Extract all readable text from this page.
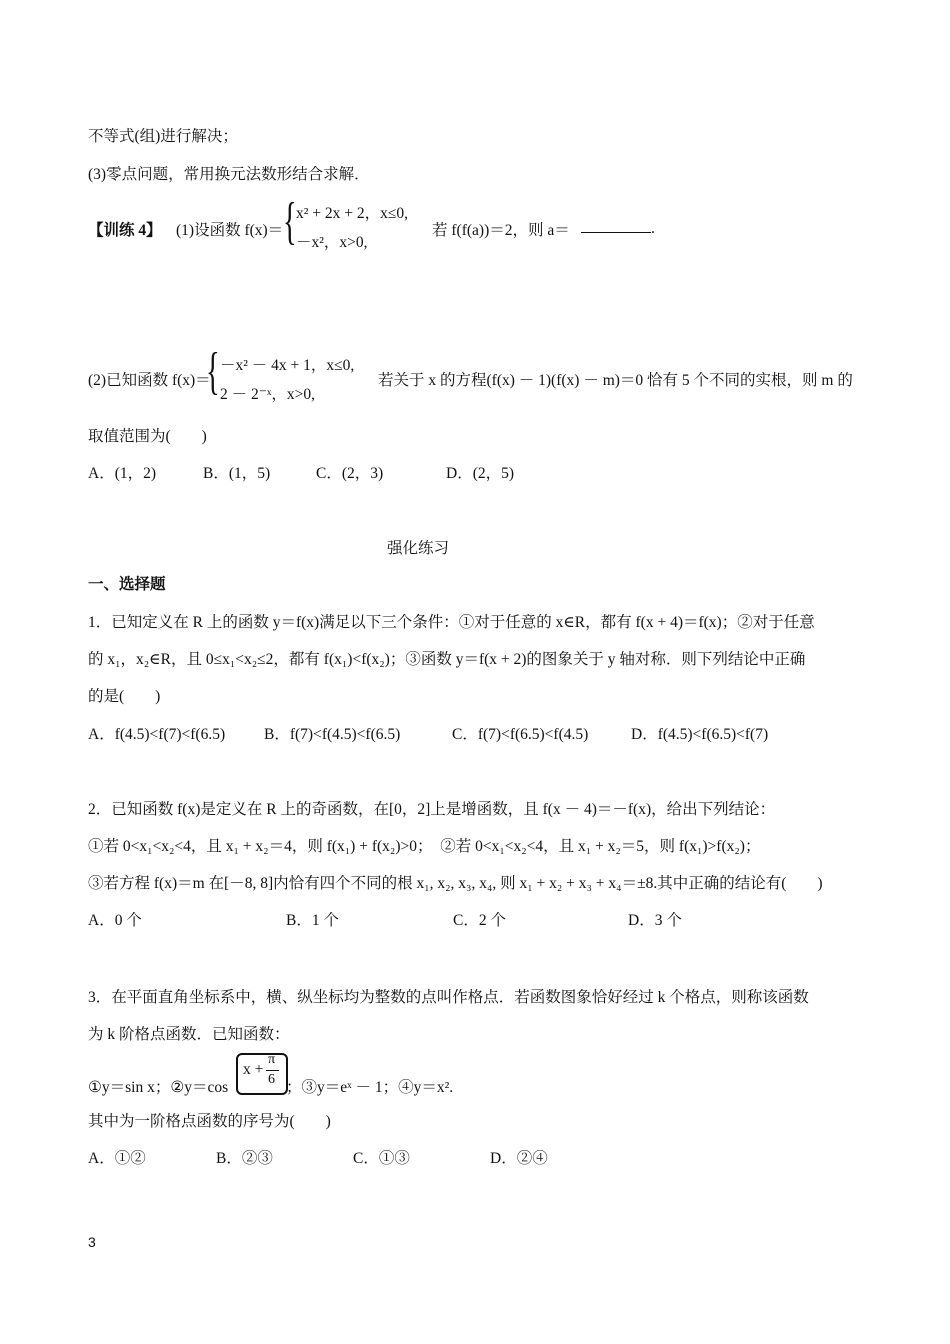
不等式(组)进行解决；
(3)零点问题，常用换元法数形结合求解．
【训练 4】 (1)设函数 f(x)＝ { x² + 2x + 2，x≤0,
－x²，x>0,
若 f(f(a))＝2，则 a＝	.
(2)已知函数 f(x)＝
{ －x² － 4x + 1，x≤0,
2 － 2⁻ˣ，x>0,
若关于 x 的方程(f(x) － 1)(f(x) － m)＝0 恰有 5 个不同的实根，则 m 的
取值范围为(　　)
A．(1，2)	B．(1，5)	C．(2，3)	D．(2，5)
强化练习
一、选择题
1．已知定义在 R 上的函数 y＝f(x)满足以下三个条件：①对于任意的 x∈R，都有 f(x + 4)＝f(x)；②对于任意
的 x₁，x₂∈R，且 0≤x₁<x₂≤2，都有 f(x₁)<f(x₂)；③函数 y＝f(x + 2)的图象关于 y 轴对称．则下列结论中正确
的是(　　)
A．f(4.5)<f(7)<f(6.5)	B．f(7)<f(4.5)<f(6.5)	C．f(7)<f(6.5)<f(4.5)	D．f(4.5)<f(6.5)<f(7)
2．已知函数 f(x)是定义在 R 上的奇函数，在[0，2]上是增函数，且 f(x － 4)＝－f(x)，给出下列结论：
①若 0<x₁<x₂<4，且 x₁ + x₂＝4，则 f(x₁) + f(x₂)>0；　②若 0<x₁<x₂<4，且 x₁ + x₂＝5，则 f(x₁)>f(x₂)；
③若方程 f(x)＝m 在[－8, 8]内恰有四个不同的根 x₁, x₂, x₃, x₄, 则 x₁ + x₂ + x₃ + x₄＝±8.其中正确的结论有(　　)
A．0 个	B．1 个	C．2 个	D．3 个
3．在平面直角坐标系中，横、纵坐标均为整数的点叫作格点．若函数图象恰好经过 k 个格点，则称该函数
为 k 阶格点函数．已知函数：
①y＝sin x；②y＝cos
x +
π
6 ；③y＝eˣ － 1；④y＝x².
其中为一阶格点函数的序号为(　　)
A．①②	B．②③	C．①③	D．②④
3
